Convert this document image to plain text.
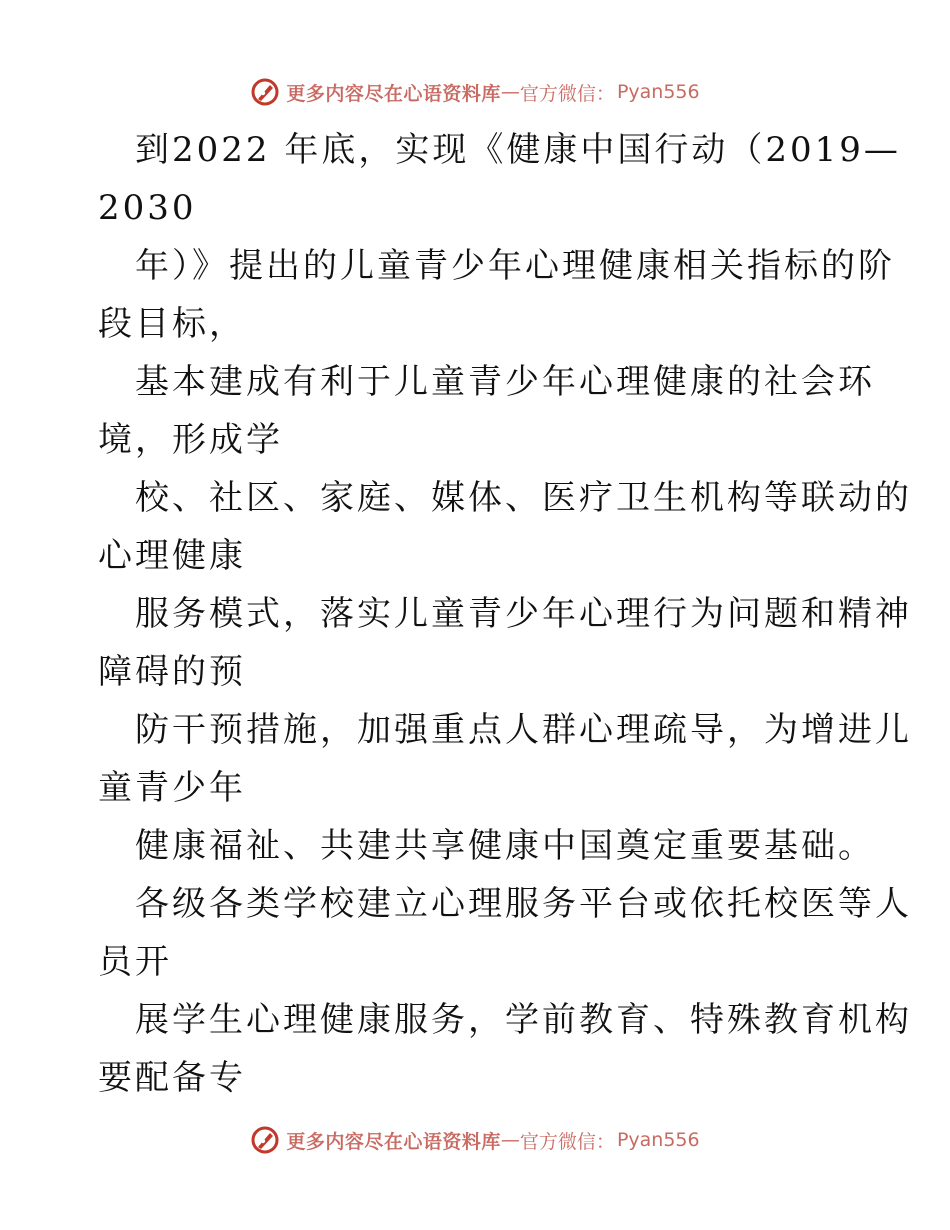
更多内容尽在心语资料库 — 官方微信： Pyan556
到2022 年底，实现《健康中国行动（2019—
2030
年）》提出的儿童青少年心理健康相关指标的阶
段目标，
基本建成有利于儿童青少年心理健康的社会环
境，形成学
校、社区、家庭、媒体、医疗卫生机构等联动的
心理健康
服务模式，落实儿童青少年心理行为问题和精神
障碍的预
防干预措施，加强重点人群心理疏导，为增进儿
童青少年
健康福祉、共建共享健康中国奠定重要基础。
各级各类学校建立心理服务平台或依托校医等人
员开
展学生心理健康服务，学前教育、特殊教育机构
要配备专
更多内容尽在心语资料库 — 官方微信： Pyan556
